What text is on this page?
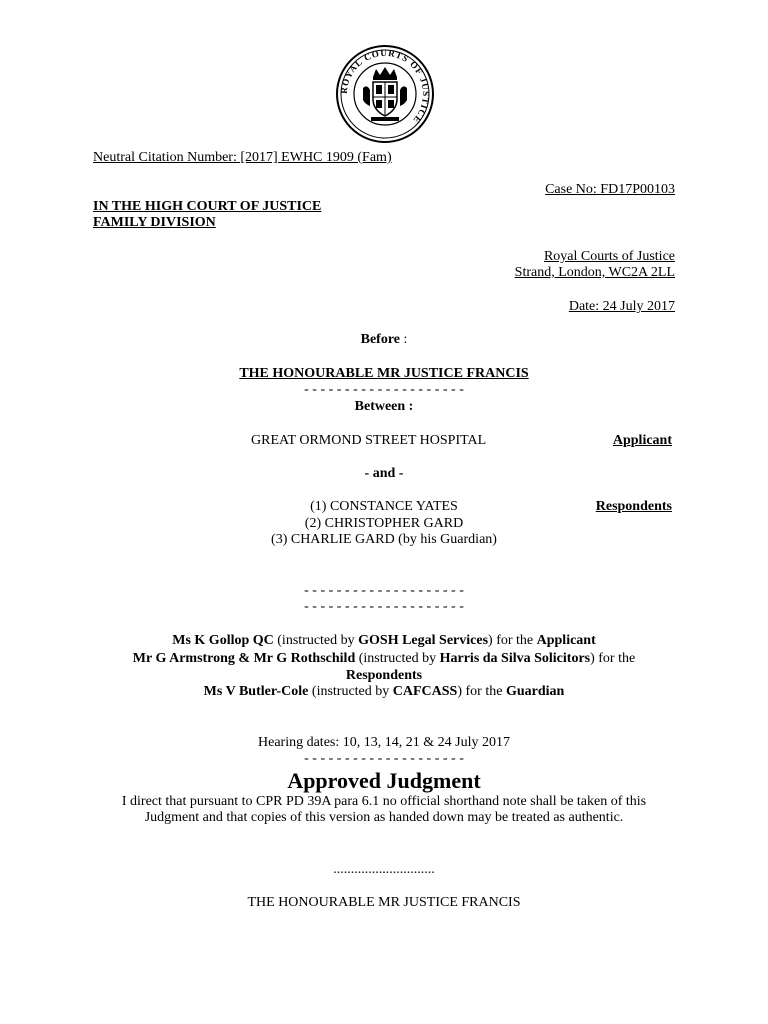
ROYAL COURTS OF JUSTICE
Neutral Citation Number: [2017] EWHC 1909 (Fam)
Case No: FD17P00103
IN THE HIGH COURT OF JUSTICE
FAMILY DIVISION
Royal Courts of Justice
Strand, London, WC2A 2LL
Date: 24 July 2017
Before :
THE HONOURABLE MR JUSTICE FRANCIS
- - - - - - - - - - - - - - - - - - - -
Between :
GREAT ORMOND STREET HOSPITAL	Applicant
- and -
(1) CONSTANCE YATES	Respondents
(2) CHRISTOPHER GARD
(3) CHARLIE GARD (by his Guardian)
- - - - - - - - - - - - - - - - - - - -
- - - - - - - - - - - - - - - - - - - -
Ms K Gollop QC (instructed by GOSH Legal Services) for the Applicant
Mr G Armstrong & Mr G Rothschild (instructed by Harris da Silva Solicitors) for the
Respondents
Ms V Butler-Cole (instructed by CAFCASS) for the Guardian
Hearing dates: 10, 13, 14, 21 & 24 July 2017
- - - - - - - - - - - - - - - - - - - -
Approved Judgment
I direct that pursuant to CPR PD 39A para 6.1 no official shorthand note shall be taken of this
Judgment and that copies of this version as handed down may be treated as authentic.
.............................
THE HONOURABLE MR JUSTICE FRANCIS
